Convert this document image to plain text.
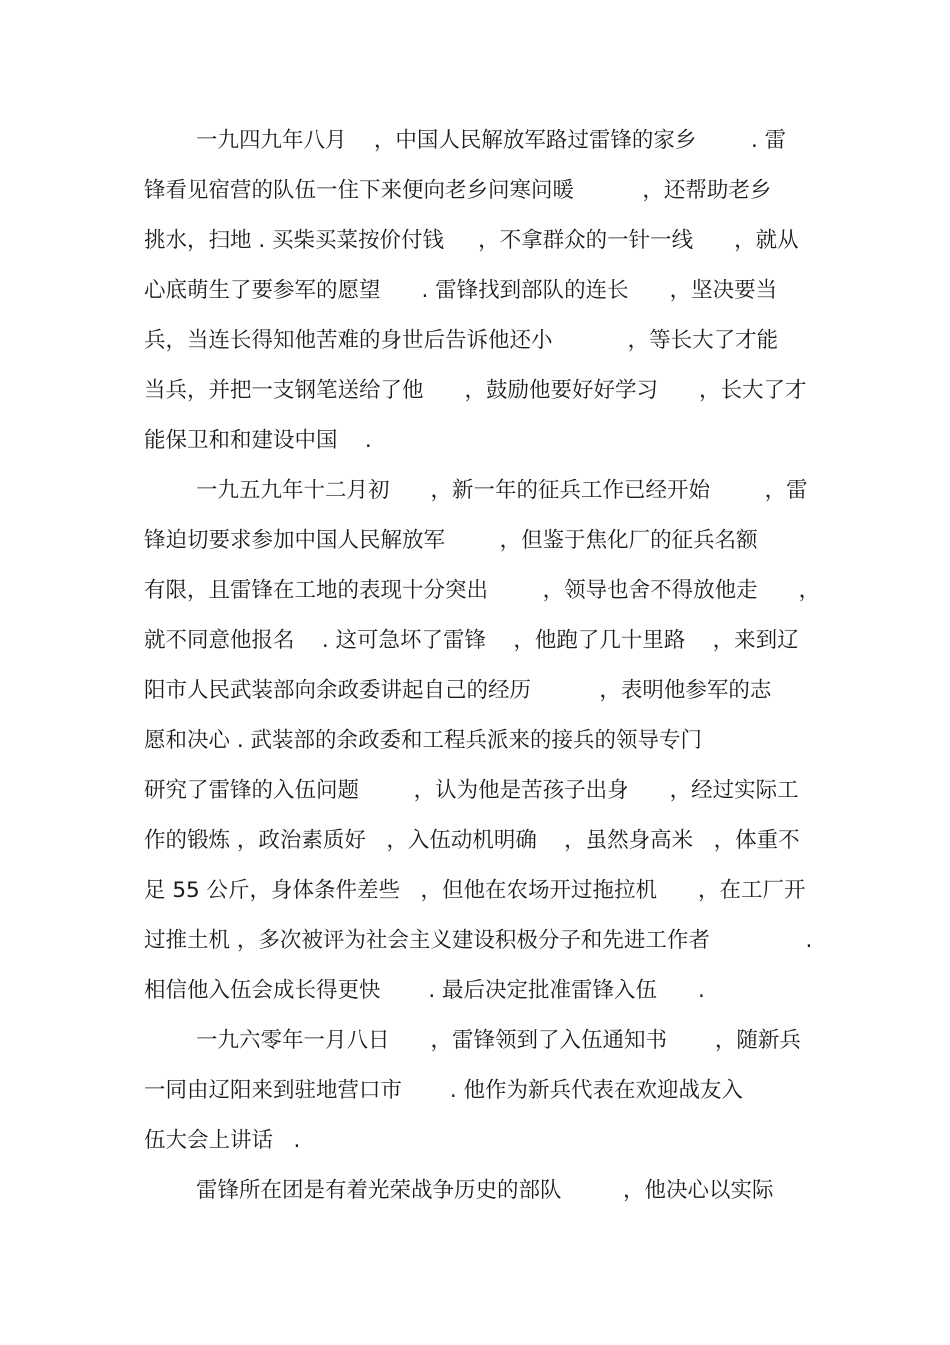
一九四九年八月    ，中国人民解放军路过雷锋的家乡        . 雷
锋看见宿营的队伍一住下来便向老乡问寒问暖          ，还帮助老乡
挑水，扫地 . 买柴买菜按价付钱     ，不拿群众的一针一线      ，就从
心底萌生了要参军的愿望      . 雷锋找到部队的连长      ，坚决要当
兵，当连长得知他苦难的身世后告诉他还小           ，等长大了才能
当兵，并把一支钢笔送给了他      ，鼓励他要好好学习      ，长大了才
能保卫和和建设中国    .
一九五九年十二月初      ，新一年的征兵工作已经开始        ，雷
锋迫切要求参加中国人民解放军        ，但鉴于焦化厂的征兵名额
有限，且雷锋在工地的表现十分突出        ，领导也舍不得放他走      ，
就不同意他报名    . 这可急坏了雷锋    ，他跑了几十里路    ，来到辽
阳市人民武装部向余政委讲起自己的经历          ，表明他参军的志
愿和决心 . 武装部的余政委和工程兵派来的接兵的领导专门
研究了雷锋的入伍问题        ，认为他是苦孩子出身      ，经过实际工
作的锻炼 ，政治素质好   ，入伍动机明确    ，虽然身高米   ，体重不
足 55 公斤，身体条件差些   ，但他在农场开过拖拉机      ，在工厂开
过推土机 ，多次被评为社会主义建设积极分子和先进工作者              .
相信他入伍会成长得更快       . 最后决定批准雷锋入伍      .
一九六零年一月八日      ，雷锋领到了入伍通知书       ，随新兵
一同由辽阳来到驻地营口市       . 他作为新兵代表在欢迎战友入
伍大会上讲话   .
雷锋所在团是有着光荣战争历史的部队         ，他决心以实际
